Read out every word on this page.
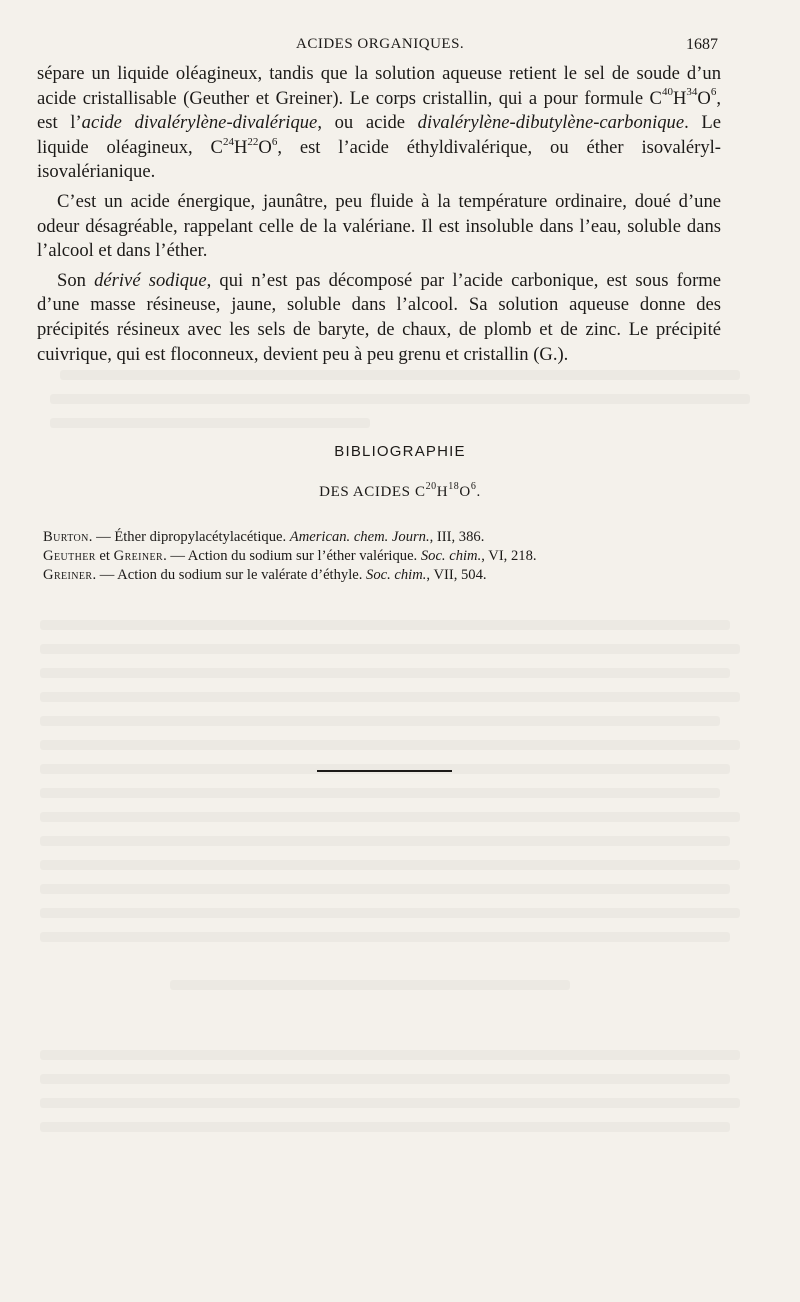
ACIDES ORGANIQUES.	1687

sépare un liquide oléagineux, tandis que la solution aqueuse retient le sel de soude d’un acide cristallisable (Geuther et Greiner). Le corps cristallin, qui a pour formule $C^{40}H^{34}O^6$, est l’acide divalérylène-divalérique, ou acide divalérylène-dibutylène-carbonique. Le liquide oléagineux, $C^{24}H^{22}O^6$, est l’acide éthyldivalérique, ou éther isovaléryl-isovalérianique.

C’est un acide énergique, jaunâtre, peu fluide à la température ordinaire, doué d’une odeur désagréable, rappelant celle de la valériane. Il est insoluble dans l’eau, soluble dans l’alcool et dans l’éther.

Son dérivé sodique, qui n’est pas décomposé par l’acide carbonique, est sous forme d’une masse résineuse, jaune, soluble dans l’alcool. Sa solution aqueuse donne des précipités résineux avec les sels de baryte, de chaux, de plomb et de zinc. Le précipité cuivrique, qui est floconneux, devient peu à peu grenu et cristallin (G.).

BIBLIOGRAPHIE
DES ACIDES $C^{20}H^{18}O^6$.
Burton. — Éther dipropylacétylacétique. American. chem. Journ., III, 386.
Geuther et Greiner. — Action du sodium sur l’éther valérique. Soc. chim., VI, 218.
Greiner. — Action du sodium sur le valérate d’éthyle. Soc. chim., VII, 504.
